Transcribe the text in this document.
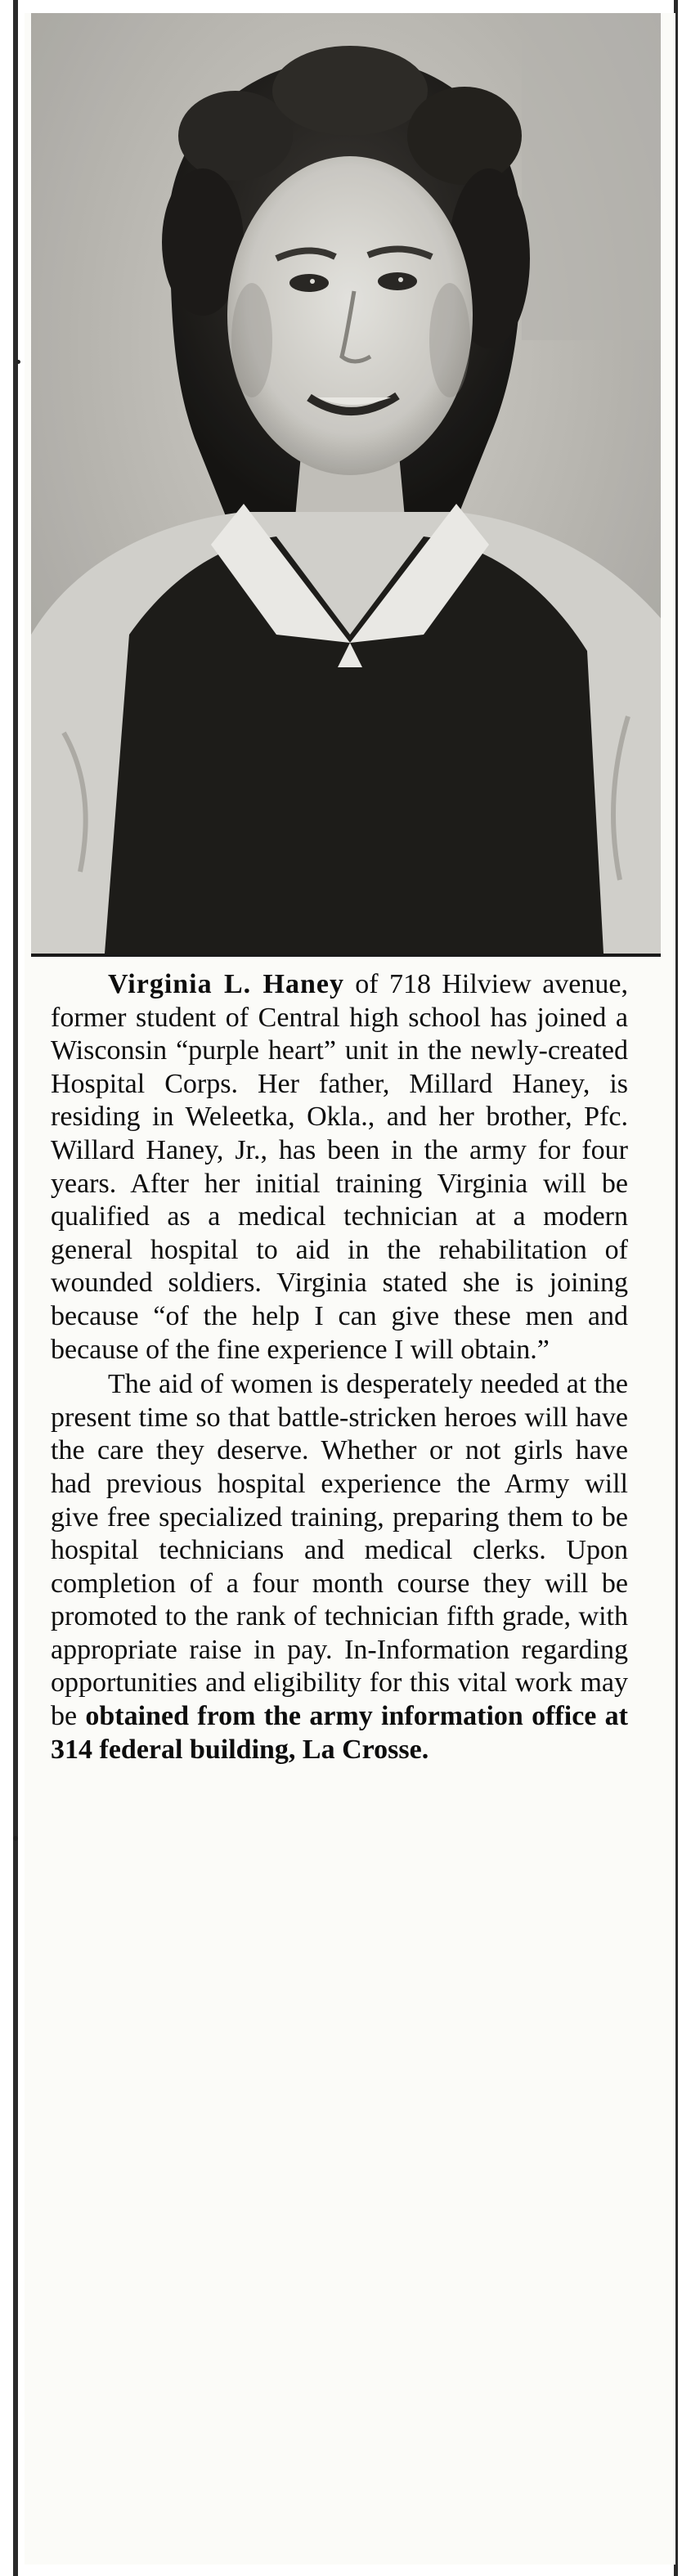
Virginia L. Haney of 718 Hilview avenue, former student of Central high school has joined a Wisconsin “purple heart” unit in the newly-created Hospital Corps. Her father, Millard Haney, is residing in Weleetka, Okla., and her brother, Pfc. Willard Haney, Jr., has been in the army for four years. After her initial training Virginia will be qualified as a medical technician at a modern general hospital to aid in the rehabilitation of wounded soldiers. Virginia stated she is joining because “of the help I can give these men and because of the fine experience I will obtain.”

The aid of women is desperately needed at the present time so that battle-stricken heroes will have the care they deserve. Whether or not girls have had previous hospital experience the Army will give free specialized training, preparing them to be hospital technicians and medical clerks. Upon completion of a four month course they will be promoted to the rank of technician fifth grade, with appropriate raise in pay. In-Information regarding opportunities and eligibility for this vital work may be obtained from the army information office at 314 federal building, La Crosse.
